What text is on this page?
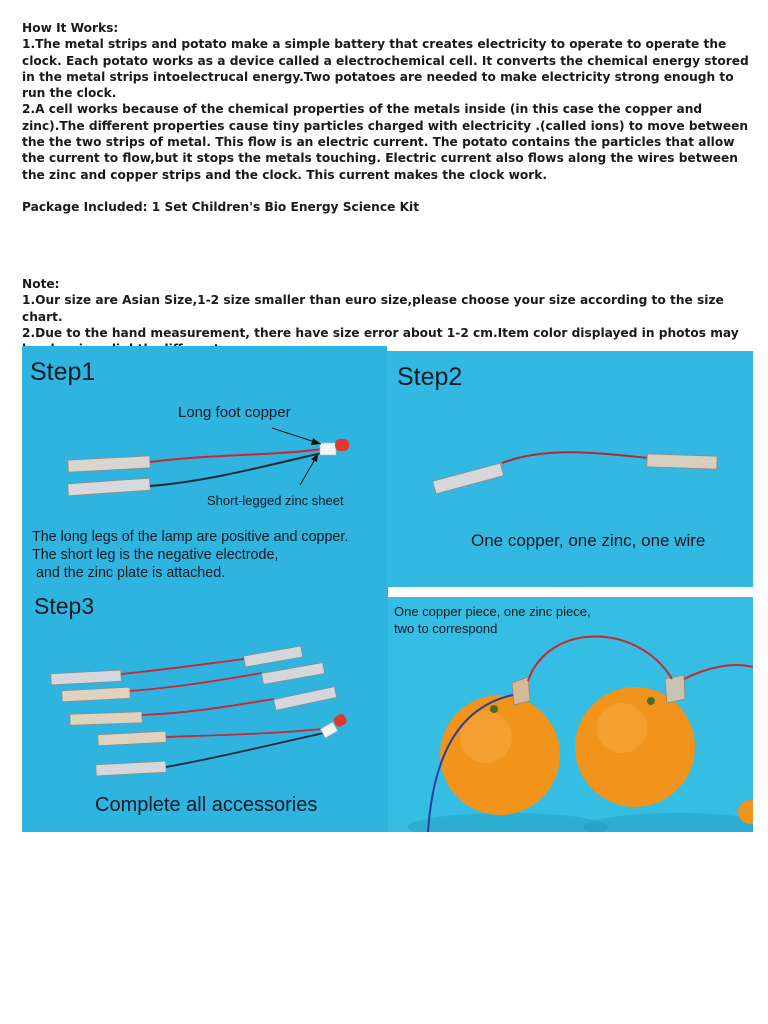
How It Works:

1.The metal strips and potato make a simple battery that creates electricity to operate to operate the clock. Each potato works as a device called a electrochemical cell. It converts the chemical energy stored in the metal strips intoelectrucal energy.Two potatoes are needed to make electricity strong enough to run the clock.

2.A cell works because of the chemical properties of the metals inside (in this case the copper and zinc).The different properties cause tiny particles charged with electricity .(called ions) to move between the the two strips of metal. This flow is an electric current. The potato contains the particles that allow the current to flow,but it stops the metals touching. Electric current also flows along the wires between the zinc and copper strips and the clock. This current makes the clock work.

Package Included: 1 Set Children's Bio Energy Science Kit

Note:

1.Our size are Asian Size,1-2 size smaller than euro size,please choose your size according to the size chart.

2.Due to the hand measurement, there have size error about 1-2 cm.Item color displayed in photos may

Step1
Long foot copper
Short-legged zinc sheet
The long legs of the lamp are positive and copper.
The short leg is the negative electrode,
and the zinc plate is attached.
Step2
One copper, one zinc, one wire
Step3
Complete all accessories
One copper piece, one zinc piece,
two to correspond
